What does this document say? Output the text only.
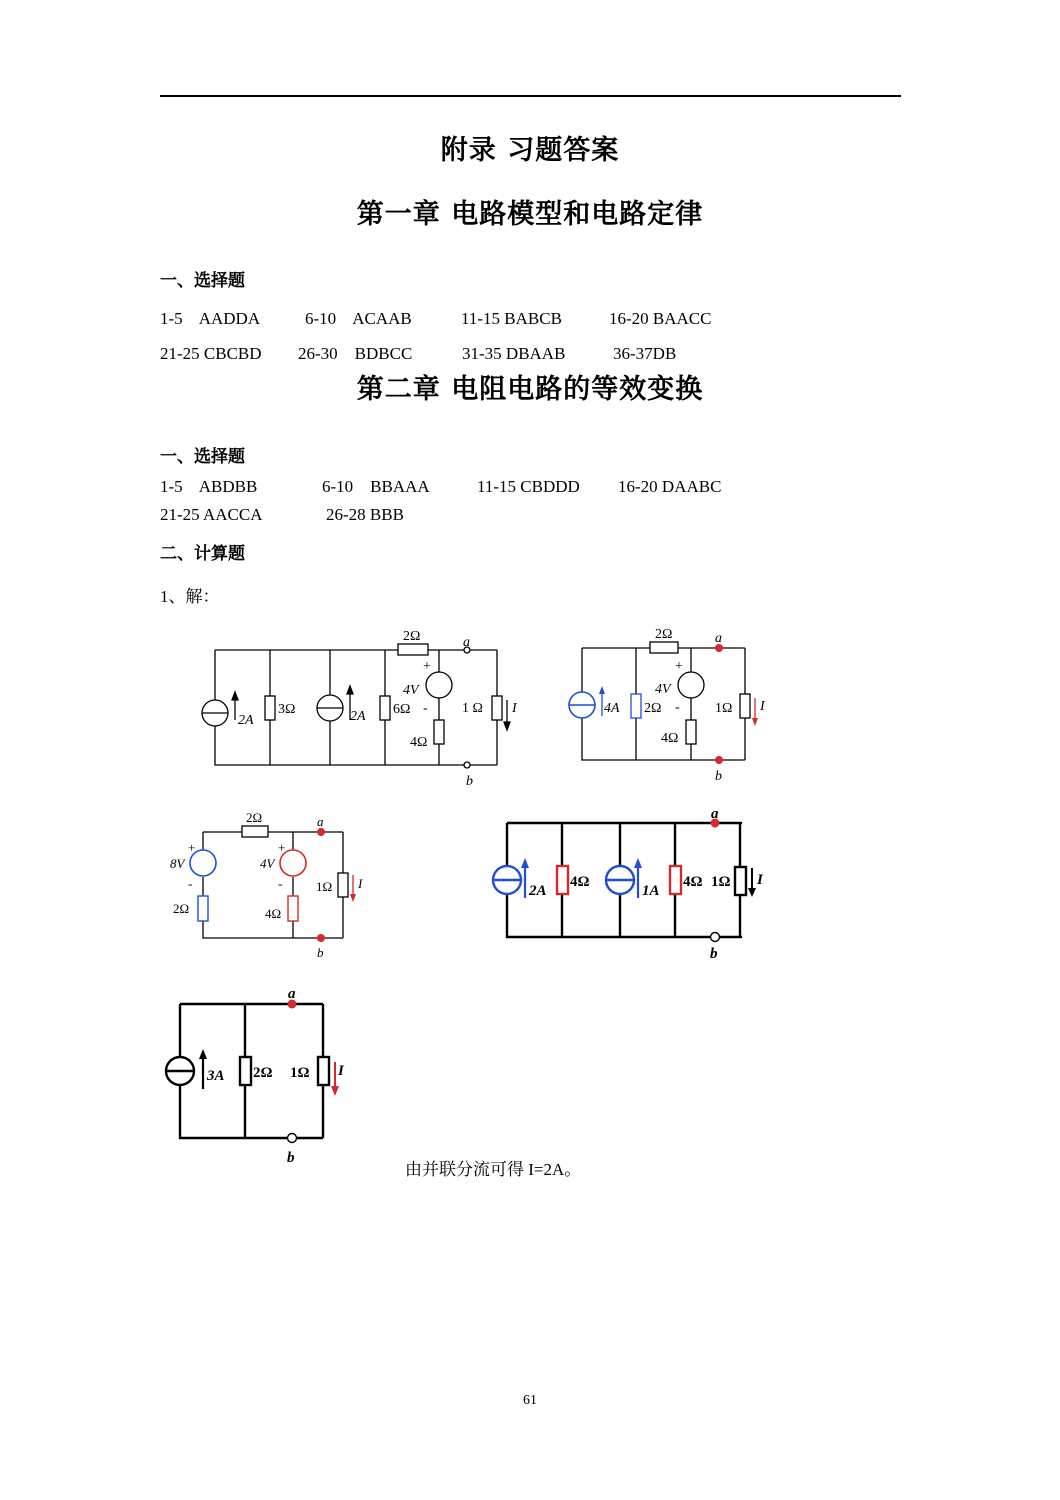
附录 习题答案
第一章 电路模型和电路定律
一、选择题
1-5    AADDA	6-10    ACAAB	11-15 BABCB	16-20 BAACC
21-25 CBCBD 26-30    BDBCC	31-35 DBAAB	36-37DB
第二章 电阻电路的等效变换
一、选择题
1-5    ABDBB	6-10    BBAAA	11-15 CBDDD 16-20 DAABC
21-25 AACCA	26-28 BBB
二、计算题
1、解：
2Ω	a
b
2A
3Ω	2A 6Ω
4V
+
-
4Ω
1 Ω I
2Ω	a
b
4A 2Ω
4V
+
-
4Ω
1Ω I
2Ω	a
b
8V
+
-
2Ω
4V
+
-
4Ω
1Ω I
a
b
2A
4Ω
1A
4Ω 1Ω I
a
b
3A 2Ω 1Ω I
由并联分流可得 I=2A。
61
